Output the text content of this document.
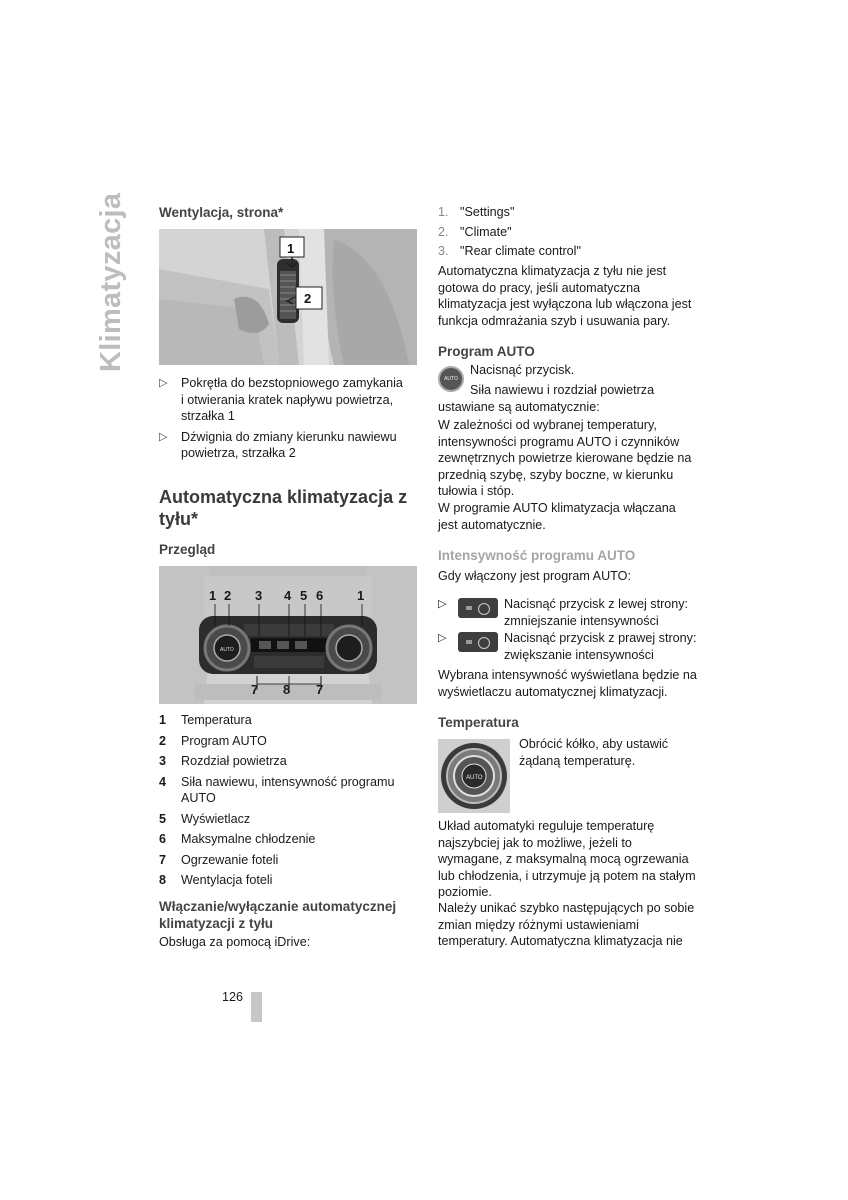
Klimatyzacja Wentylacja, strona*
1
2
▷ Pokrętła do bezstopniowego zamykania i otwierania kratek napływu powietrza, strzałka 1
▷ Dźwignia do zmiany kierunku nawiewu powietrza, strzałka 2
Automatyczna klimatyzacja z tyłu*
Przegląd
AUTO
1 2 3 4 5 6	1
7 8 7
1 Temperatura
2 Program AUTO
3 Rozdział powietrza
4 Siła nawiewu, intensywność programu AUTO
5 Wyświetlacz
6 Maksymalne chłodzenie
7 Ogrzewanie foteli
8 Wentylacja foteli
Włączanie/wyłączanie automatycznej klimatyzacji z tyłu

Obsługa za pomocą iDrive:

1. "Settings"
2. "Climate"
3. "Rear climate control"

Automatyczna klimatyzacja z tyłu nie jest gotowa do pracy, jeśli automatyczna klimatyzacja jest wyłączona lub włączona jest funkcja odmrażania szyb i usuwania pary.

Program AUTO
AUTO

Nacisnąć przycisk.

Siła nawiewu i rozdział powietrza ustawiane są automatycznie:

W zależności od wybranej temperatury, intensywności programu AUTO i czynników zewnętrznych powietrze kierowane będzie na przednią szybę, szyby boczne, w kierunku tułowia i stóp.

W programie AUTO klimatyzacja włączana jest automatycznie.

Intensywność programu AUTO

Gdy włączony jest program AUTO:

▷	Nacisnąć przycisk z lewej strony: zmniejszanie intensywności

▷	Nacisnąć przycisk z prawej strony: zwiększanie intensywności

Wybrana intensywność wyświetlana będzie na wyświetlaczu automatycznej klimatyzacji.

Temperatura
AUTO

Obrócić kółko, aby ustawić żądaną temperaturę.

Układ automatyki reguluje temperaturę najszybciej jak to możliwe, jeżeli to wymagane, z maksymalną mocą ogrzewania lub chłodzenia, i utrzymuje ją potem na stałym poziomie.

Należy unikać szybko następujących po sobie zmian między różnymi ustawieniami temperatury. Automatyczna klimatyzacja nie

126
